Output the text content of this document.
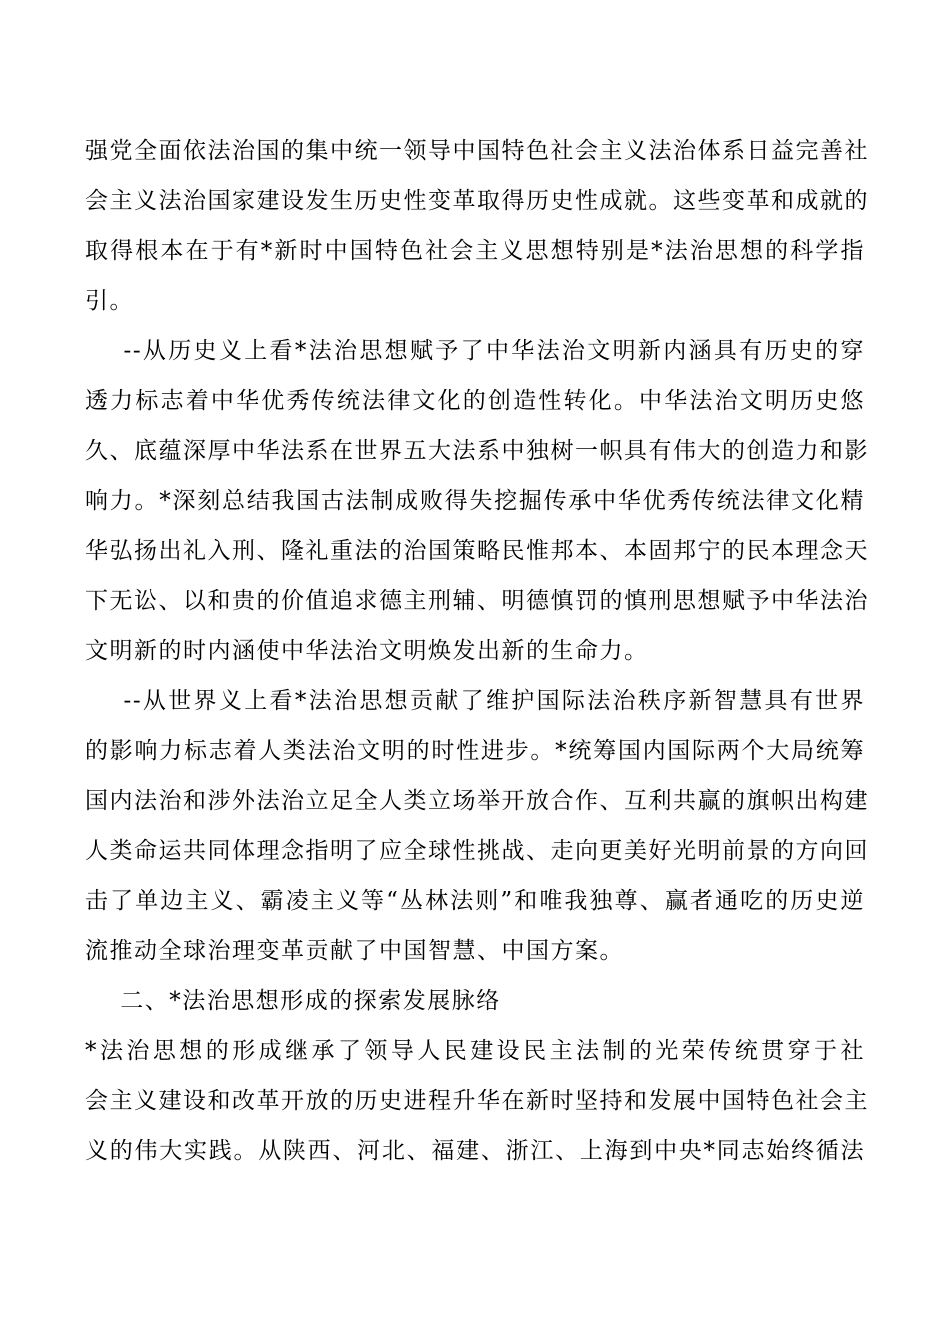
强党全面依法治国的集中统一领导中国特色社会主义法治体系日益完善社
会主义法治国家建设发生历史性变革取得历史性成就。这些变革和成就的
取得根本在于有*新时中国特色社会主义思想特别是*法治思想的科学指
引。
--从历史义上看*法治思想赋予了中华法治文明新内涵具有历史的穿
透力标志着中华优秀传统法律文化的创造性转化。中华法治文明历史悠
久、底蕴深厚中华法系在世界五大法系中独树一帜具有伟大的创造力和影
响力。*深刻总结我国古法制成败得失挖掘传承中华优秀传统法律文化精
华弘扬出礼入刑、隆礼重法的治国策略民惟邦本、本固邦宁的民本理念天
下无讼、以和贵的价值追求德主刑辅、明德慎罚的慎刑思想赋予中华法治
文明新的时内涵使中华法治文明焕发出新的生命力。
--从世界义上看*法治思想贡献了维护国际法治秩序新智慧具有世界
的影响力标志着人类法治文明的时性进步。*统筹国内国际两个大局统筹
国内法治和涉外法治立足全人类立场举开放合作、互利共赢的旗帜出构建
人类命运共同体理念指明了应全球性挑战、走向更美好光明前景的方向回
击了单边主义、霸凌主义等“丛林法则”和唯我独尊、赢者通吃的历史逆
流推动全球治理变革贡献了中国智慧、中国方案。
二、*法治思想形成的探索发展脉络
*法治思想的形成继承了领导人民建设民主法制的光荣传统贯穿于社
会主义建设和改革开放的历史进程升华在新时坚持和发展中国特色社会主
义的伟大实践。从陕西、河北、福建、浙江、上海到中央*同志始终循法
